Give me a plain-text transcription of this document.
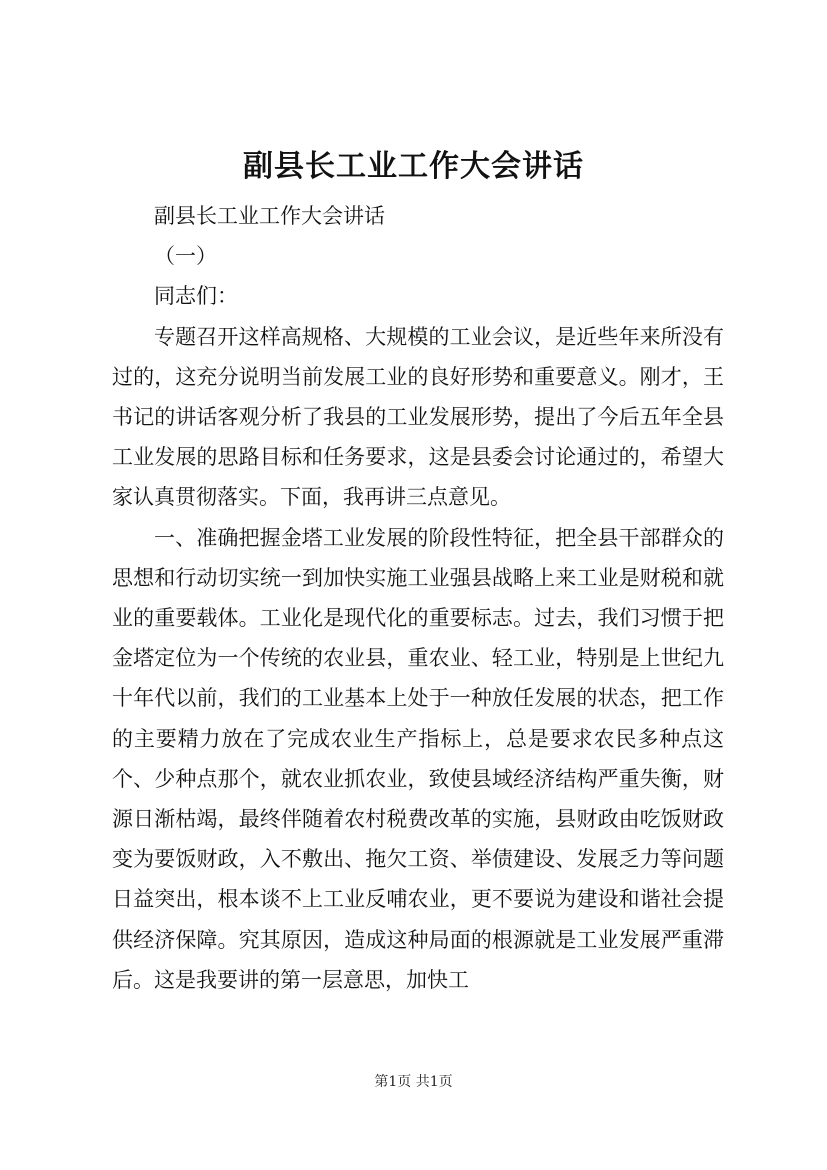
副县长工业工作大会讲话

副县长工业工作大会讲话

（一）

同志们：

专题召开这样高规格、大规模的工业会议，是近些年来所没有过的，这充分说明当前发展工业的良好形势和重要意义。刚才，王书记的讲话客观分析了我县的工业发展形势，提出了今后五年全县工业发展的思路目标和任务要求，这是县委会讨论通过的，希望大家认真贯彻落实。下面，我再讲三点意见。

一、准确把握金塔工业发展的阶段性特征，把全县干部群众的思想和行动切实统一到加快实施工业强县战略上来工业是财税和就业的重要载体。工业化是现代化的重要标志。过去，我们习惯于把金塔定位为一个传统的农业县，重农业、轻工业，特别是上世纪九十年代以前，我们的工业基本上处于一种放任发展的状态，把工作的主要精力放在了完成农业生产指标上，总是要求农民多种点这个、少种点那个，就农业抓农业，致使县域经济结构严重失衡，财源日渐枯竭，最终伴随着农村税费改革的实施，县财政由吃饭财政变为要饭财政，入不敷出、拖欠工资、举债建设、发展乏力等问题日益突出，根本谈不上工业反哺农业，更不要说为建设和谐社会提供经济保障。究其原因，造成这种局面的根源就是工业发展严重滞后。这是我要讲的第一层意思，加快工

第1页 共1页
